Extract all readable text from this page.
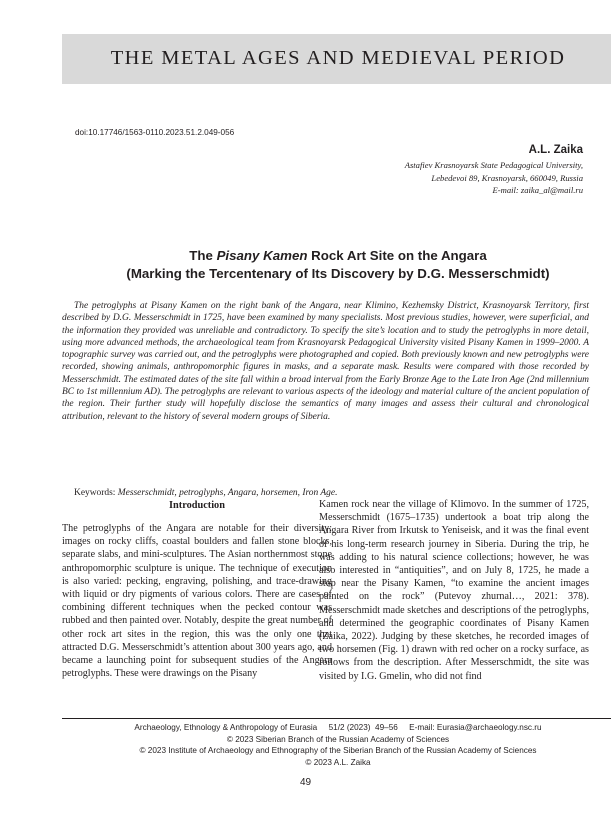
THE METAL AGES AND MEDIEVAL PERIOD
doi:10.17746/1563-0110.2023.51.2.049-056
A.L. Zaika
Astafiev Krasnoyarsk State Pedagogical University,
Lebedevoi 89, Krasnoyarsk, 660049, Russia
E-mail: zaika_al@mail.ru
The Pisany Kamen Rock Art Site on the Angara
(Marking the Tercentenary of Its Discovery by D.G. Messerschmidt)

The petroglyphs at Pisany Kamen on the right bank of the Angara, near Klimino, Kezhemsky District, Krasnoyarsk Territory, first described by D.G. Messerschmidt in 1725, have been examined by many specialists. Most previous studies, however, were superficial, and the information they provided was unreliable and contradictory. To specify the site’s location and to study the petroglyphs in more detail, using more advanced methods, the archaeological team from Krasnoyarsk Pedagogical University visited Pisany Kamen in 1999–2000. A topographic survey was carried out, and the petroglyphs were photographed and copied. Both previously known and new petroglyphs were recorded, showing animals, anthropomorphic figures in masks, and a separate mask. Results were compared with those recorded by Messerschmidt. The estimated dates of the site fall within a broad interval from the Early Bronze Age to the Late Iron Age (2nd millennium BC to 1st millennium AD). The petroglyphs are relevant to various aspects of the ideology and material culture of the ancient population of the region. Their further study will hopefully disclose the semantics of many images and assess their cultural and chronological attribution, relevant to the history of several modern groups of Siberia.

Keywords: Messerschmidt, petroglyphs, Angara, horsemen, Iron Age.
Introduction

The petroglyphs of the Angara are notable for their diversity: images on rocky cliffs, coastal boulders and fallen stone blocks, separate slabs, and mini-sculptures. The Asian northernmost stone anthropomorphic sculpture is unique. The technique of execution is also varied: pecking, engraving, polishing, and trace-drawing with liquid or dry pigments of various colors. There are cases of combining different techniques when the pecked contour was rubbed and then painted over. Notably, despite the great number of other rock art sites in the region, this was the only one that attracted D.G. Messerschmidt’s attention about 300 years ago, and became a launching point for subsequent studies of the Angara petroglyphs. These were drawings on the Pisany

Kamen rock near the village of Klimovo. In the summer of 1725, Messerschmidt (1675–1735) undertook a boat trip along the Angara River from Irkutsk to Yeniseisk, and it was the final event of his long-term research journey in Siberia. During the trip, he was adding to his natural science collections; however, he was also interested in “antiquities”, and on July 8, 1725, he made a stop near the Pisany Kamen, “to examine the ancient images painted on the rock” (Putevoy zhurnal…, 2021: 378). Messerschmidt made sketches and descriptions of the petroglyphs, and determined the geographic coordinates of Pisany Kamen (Zaika, 2022). Judging by these sketches, he recorded images of two horsemen (Fig. 1) drawn with red ocher on a rocky surface, as follows from the description. After Messerschmidt, the site was visited by I.G. Gmelin, who did not find

Archaeology, Ethnology & Anthropology of Eurasia     51/2 (2023)  49–56     E-mail: Eurasia@archaeology.nsc.ru
© 2023 Siberian Branch of the Russian Academy of Sciences
© 2023 Institute of Archaeology and Ethnography of the Siberian Branch of the Russian Academy of Sciences
© 2023 A.L. Zaika
49
